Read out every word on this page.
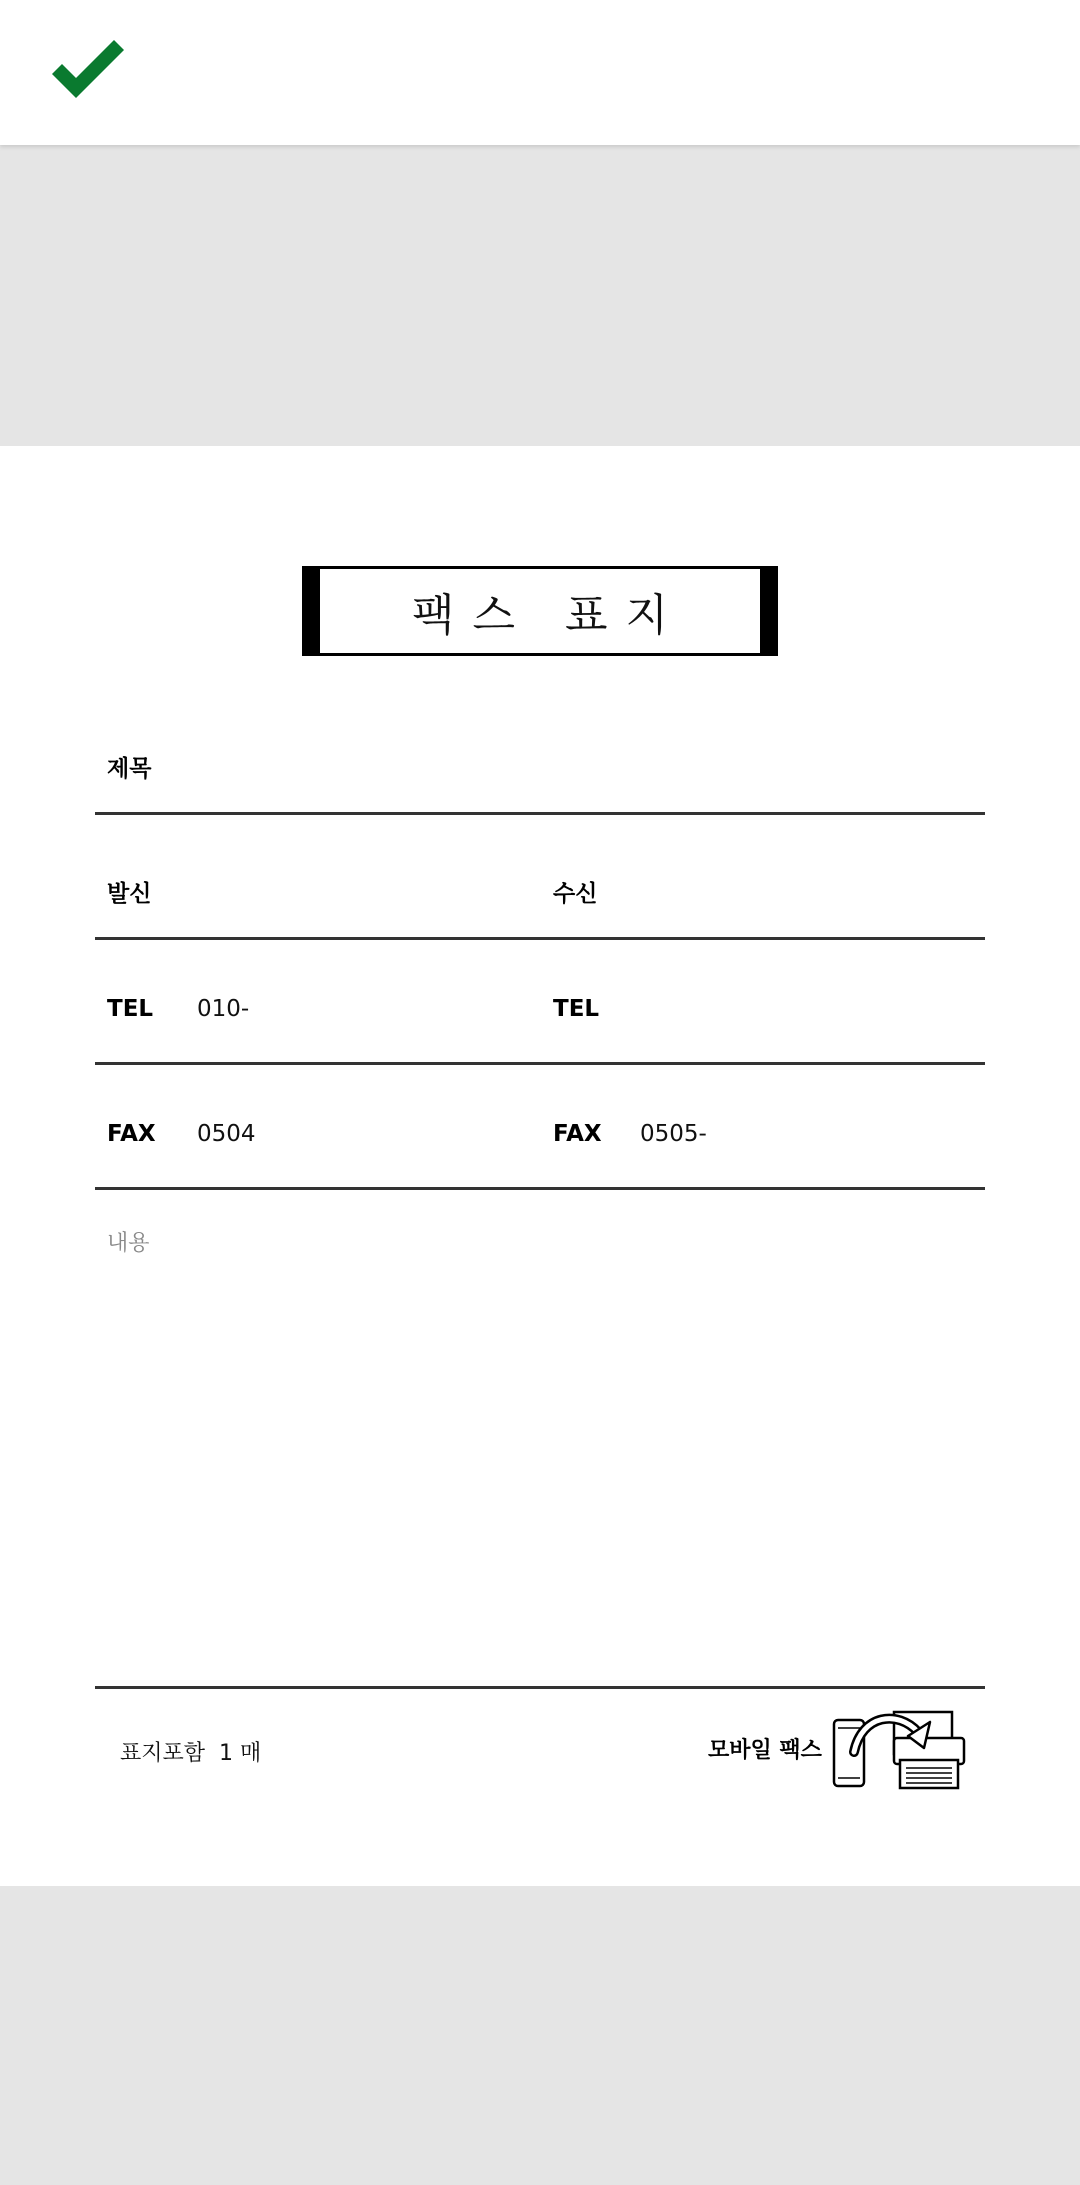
팩스 표지
제목
발신	수신
TEL 010-	TEL
FAX 0504	FAX 0505-
내용
표지포함  1 매	모바일 팩스
